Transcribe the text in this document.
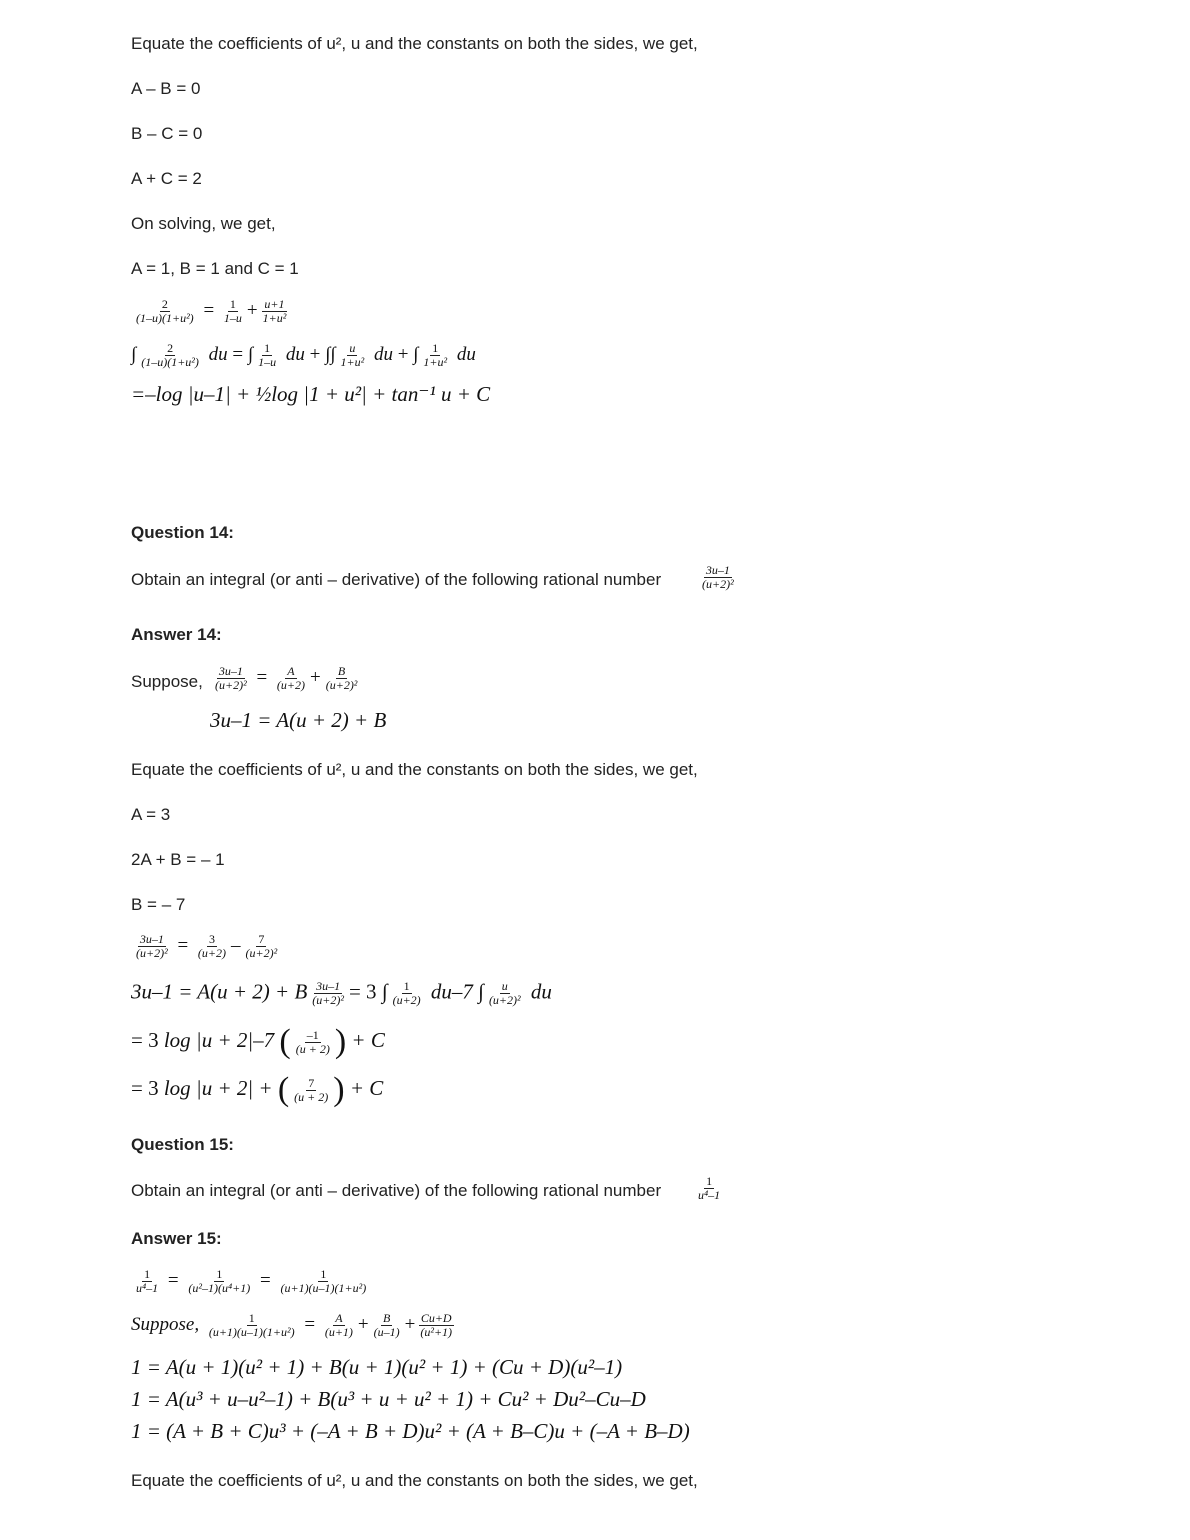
Equate the coefficients of u², u and the constants on both the sides, we get,
A – B = 0
B – C = 0
A + C = 2
On solving, we get,
A = 1, B = 1 and C = 1
$\frac{2}{\text{(1–u)(1+u²)}} = \frac{1}{1-u} + \frac{u+1}{\text{1+u²}}$
∫ $\frac{2}{\text{(1–u)(1+u²)}}$ du = ∫ $\frac{1}{1-u}$ du + ∫∫ $\frac{u}{\text{1+u²}}$ du + ∫ $\frac{1}{\text{1+u²}}$ du
=–log |u–1| + ½log |1 + u²| + tan⁻¹ u + C
Question 14:
Obtain an integral (or anti – derivative) of the following rational number	$\frac{3u-1}{\text{(u+2)²}}$
Answer 14:
Suppose, $\frac{3u-1}{\text{(u+2)²}} = \frac{A}{(u+2)} + \frac{B}{\text{(u+2)²}}$
3u–1 = A(u + 2) + B
Equate the coefficients of u², u and the constants on both the sides, we get,
A = 3
2A + B = – 1
B = – 7
$\frac{3u-1}{\text{(u+2)²}} = \frac{3}{(u+2)} - \frac{7}{\text{(u+2)²}}$
3u–1 = A(u + 2) + B $\frac{3u-1}{\text{(u+2)²}} = 3$ ∫ $\frac{1}{(u+2)} du-7$ ∫ $\frac{u}{\text{(u+2)²}}$ du
= 3 log |u + 2|–7 ( $\frac{-1}{(u + 2)}$ ) + C
= 3 log |u + 2| + ( $\frac{7}{(u + 2)}$ ) + C
Question 15:
Obtain an integral (or anti – derivative) of the following rational number	$\frac{1}{\text{u⁴–1}}$
Answer 15:
$\frac{1}{\text{u⁴–1}} = \frac{1}{\text{(u²–1)(u⁴+1)}} = \frac{1}{\text{(u+1)(u–1)(1+u²)}}$
Suppose, $\frac{1}{\text{(u+1)(u–1)(1+u²)}} = \frac{A}{(u+1)} + \frac{B}{(u-1)} + \frac{Cu+D}{\text{(u²+1)}}$
1 = A(u + 1)(u² + 1) + B(u + 1)(u² + 1) + (Cu + D)(u²–1)
1 = A(u³ + u–u²–1) + B(u³ + u + u² + 1) + Cu² + Du²–Cu–D
1 = (A + B + C)u³ + (–A + B + D)u² + (A + B–C)u + (–A + B–D)
Equate the coefficients of u², u and the constants on both the sides, we get,
